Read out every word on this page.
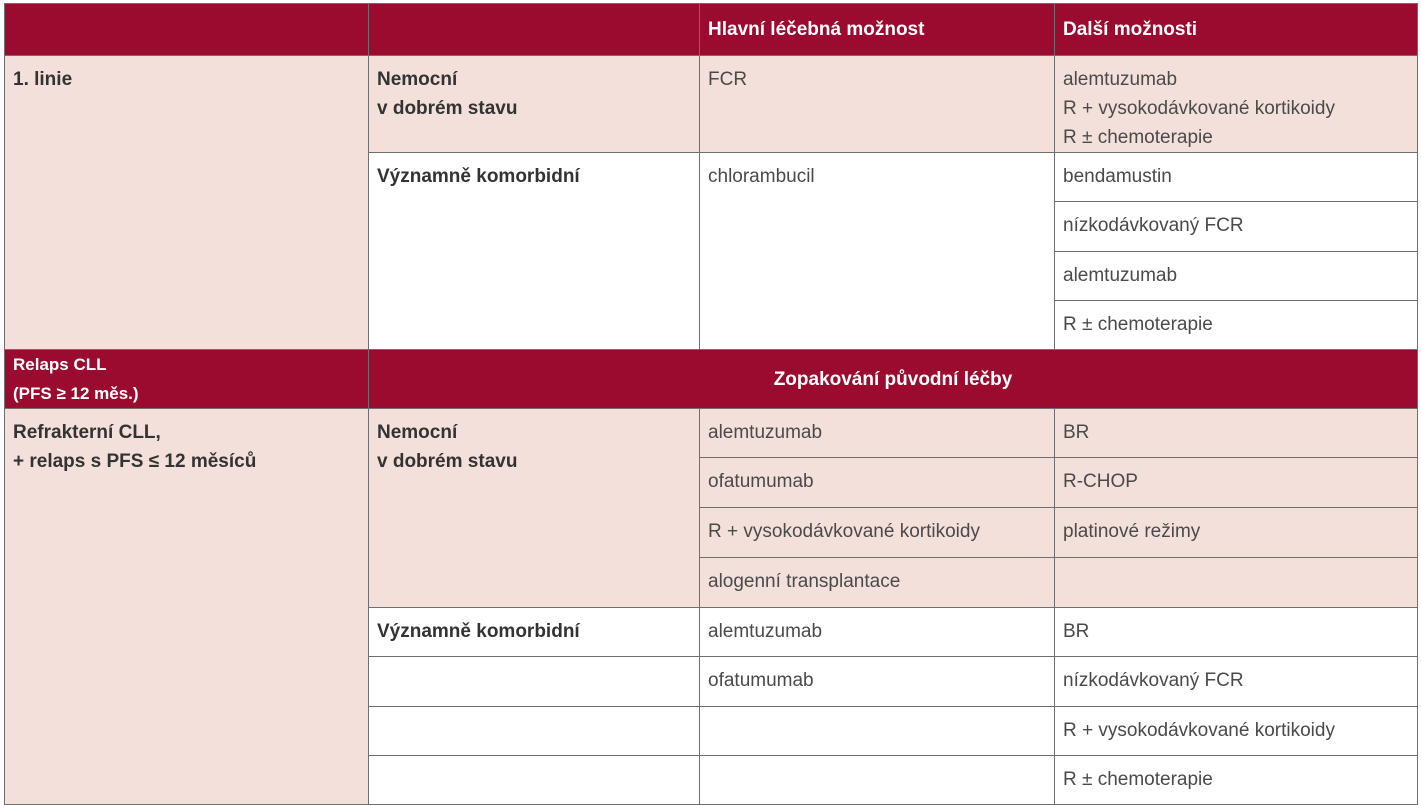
		Hlavní léčebná možnost	Další možnosti

1. linie	Nemocní
v dobrém stavu	FCR	alemtuzumab
R + vysokodávkované kortikoidy
R ± chemoterapie

	Významně komorbidní	chlorambucil	bendamustin
			nízkodávkovaný FCR
			alemtuzumab
			R ± chemoterapie

Relaps CLL
(PFS ≥ 12 měs.)	Zopakování původní léčby		

Refrakterní CLL,
+ relaps s PFS ≤ 12 měsíců	Nemocní
v dobrém stavu	alemtuzumab	BR
		ofatumumab	R-CHOP
		R + vysokodávkované kortikoidy	platinové režimy
		alogenní transplantace	
	Významně komorbidní	alemtuzumab	BR
		ofatumumab	nízkodávkovaný FCR
			R + vysokodávkované kortikoidy
			R ± chemoterapie
